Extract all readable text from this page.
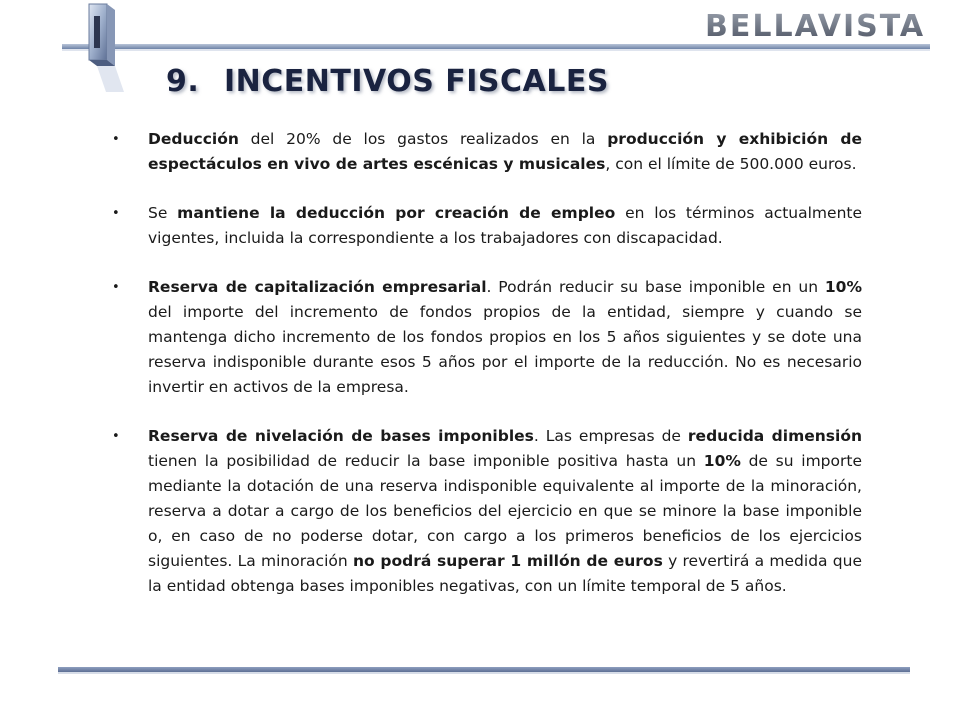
BELLAVISTA
9. INCENTIVOS FISCALES
• Deducción del 20% de los gastos realizados en la producción y exhibición de espectáculos en vivo de artes escénicas y musicales, con el límite de 500.000 euros.
• Se mantiene la deducción por creación de empleo en los términos actualmente vigentes, incluida la correspondiente a los trabajadores con discapacidad.
• Reserva de capitalización empresarial. Podrán reducir su base imponible en un 10% del importe del incremento de fondos propios de la entidad, siempre y cuando se mantenga dicho incremento de los fondos propios en los 5 años siguientes y se dote una reserva indisponible durante esos 5 años por el importe de la reducción. No es necesario invertir en activos de la empresa.
• Reserva de nivelación de bases imponibles. Las empresas de reducida dimensión tienen la posibilidad de reducir la base imponible positiva hasta un 10% de su importe mediante la dotación de una reserva indisponible equivalente al importe de la minoración, reserva a dotar a cargo de los beneficios del ejercicio en que se minore la base imponible o, en caso de no poderse dotar, con cargo a los primeros beneficios de los ejercicios siguientes. La minoración no podrá superar 1 millón de euros y revertirá a medida que la entidad obtenga bases imponibles negativas, con un límite temporal de 5 años.
